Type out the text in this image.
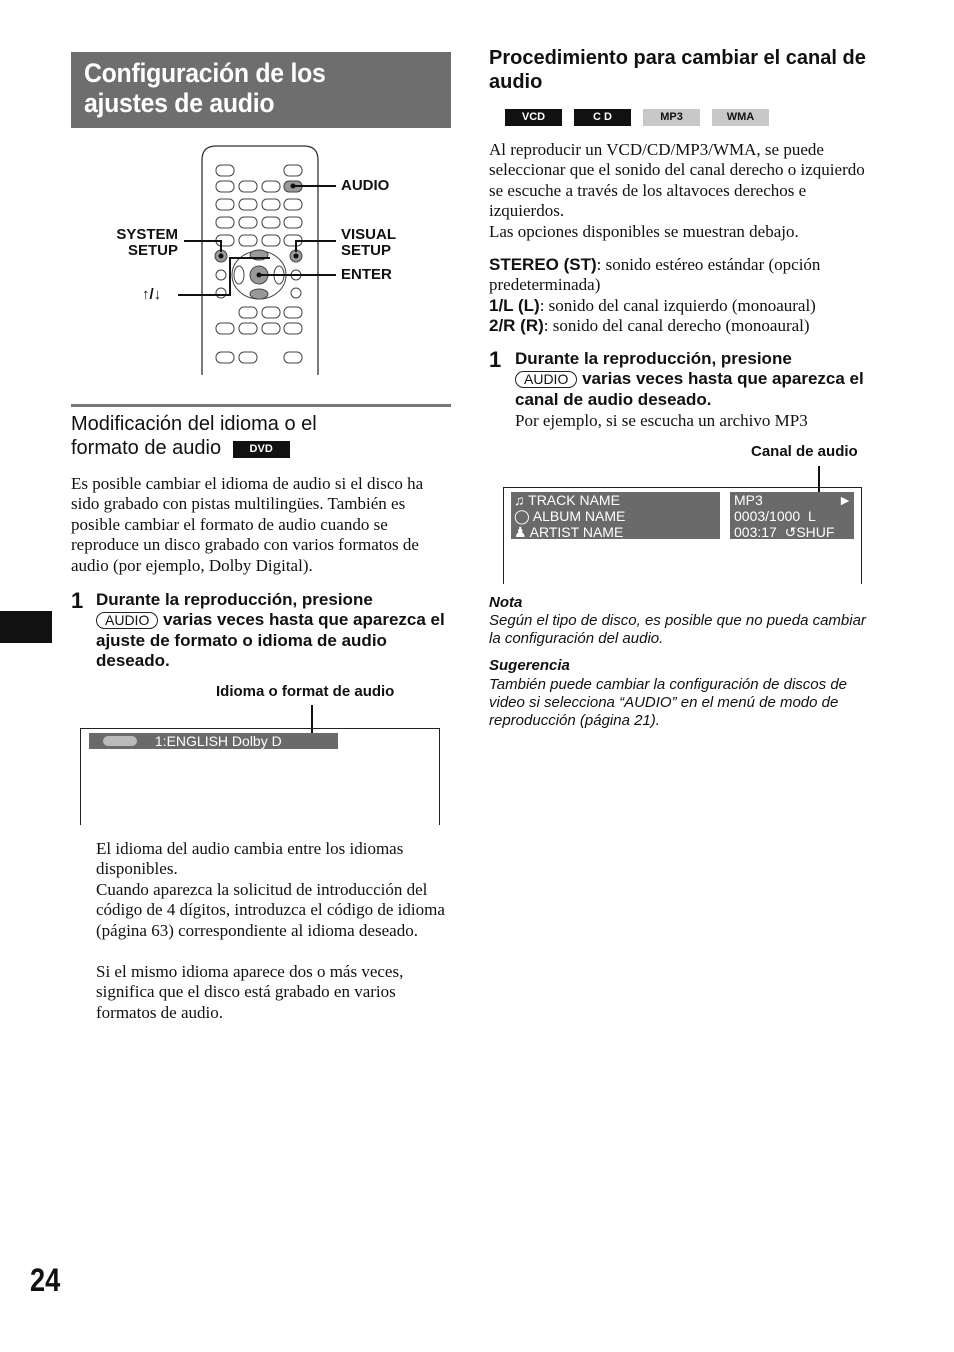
Configuración de los ajustes de audio
AUDIO
SYSTEM
SETUP
VISUAL
SETUP
ENTER
↑/↓
Modificación del idioma o el
formato de audio	DVD
Es posible cambiar el idioma de audio si el disco ha sido grabado con pistas multilingües. También es posible cambiar el formato de audio cuando se reproduce un disco grabado con varios formatos de audio (por ejemplo, Dolby Digital).
1 Durante la reproducción, presione
AUDIO varias veces hasta que aparezca el ajuste de formato o idioma de audio deseado.
Idioma o format de audio
1:ENGLISH Dolby D
El idioma del audio cambia entre los idiomas disponibles.
Cuando aparezca la solicitud de introducción del código de 4 dígitos, introduzca el código de idioma (página 63) correspondiente al idioma deseado.
Si el mismo idioma aparece dos o más veces, significa que el disco está grabado en varios formatos de audio.
24
Procedimiento para cambiar el canal de audio
VCD	C D	MP3	WMA
Al reproducir un VCD/CD/MP3/WMA, se puede seleccionar que el sonido del canal derecho o izquierdo se escuche a través de los altavoces derechos e izquierdos.
Las opciones disponibles se muestran debajo.
STEREO (ST): sonido estéreo estándar (opción predeterminada)
1/L (L): sonido del canal izquierdo (monoaural)
2/R (R): sonido del canal derecho (monoaural)
1 Durante la reproducción, presione
AUDIO varias veces hasta que aparezca el canal de audio deseado.
Por ejemplo, si se escucha un archivo MP3
Canal de audio
♫ TRACK NAME
◯ ALBUM NAME
♟ ARTIST NAME
MP3	►
0003/1000 L
003:17 ↺SHUF
Nota
Según el tipo de disco, es posible que no pueda cambiar la configuración del audio.
Sugerencia
También puede cambiar la configuración de discos de video si selecciona “AUDIO” en el menú de modo de reproducción (página 21).
